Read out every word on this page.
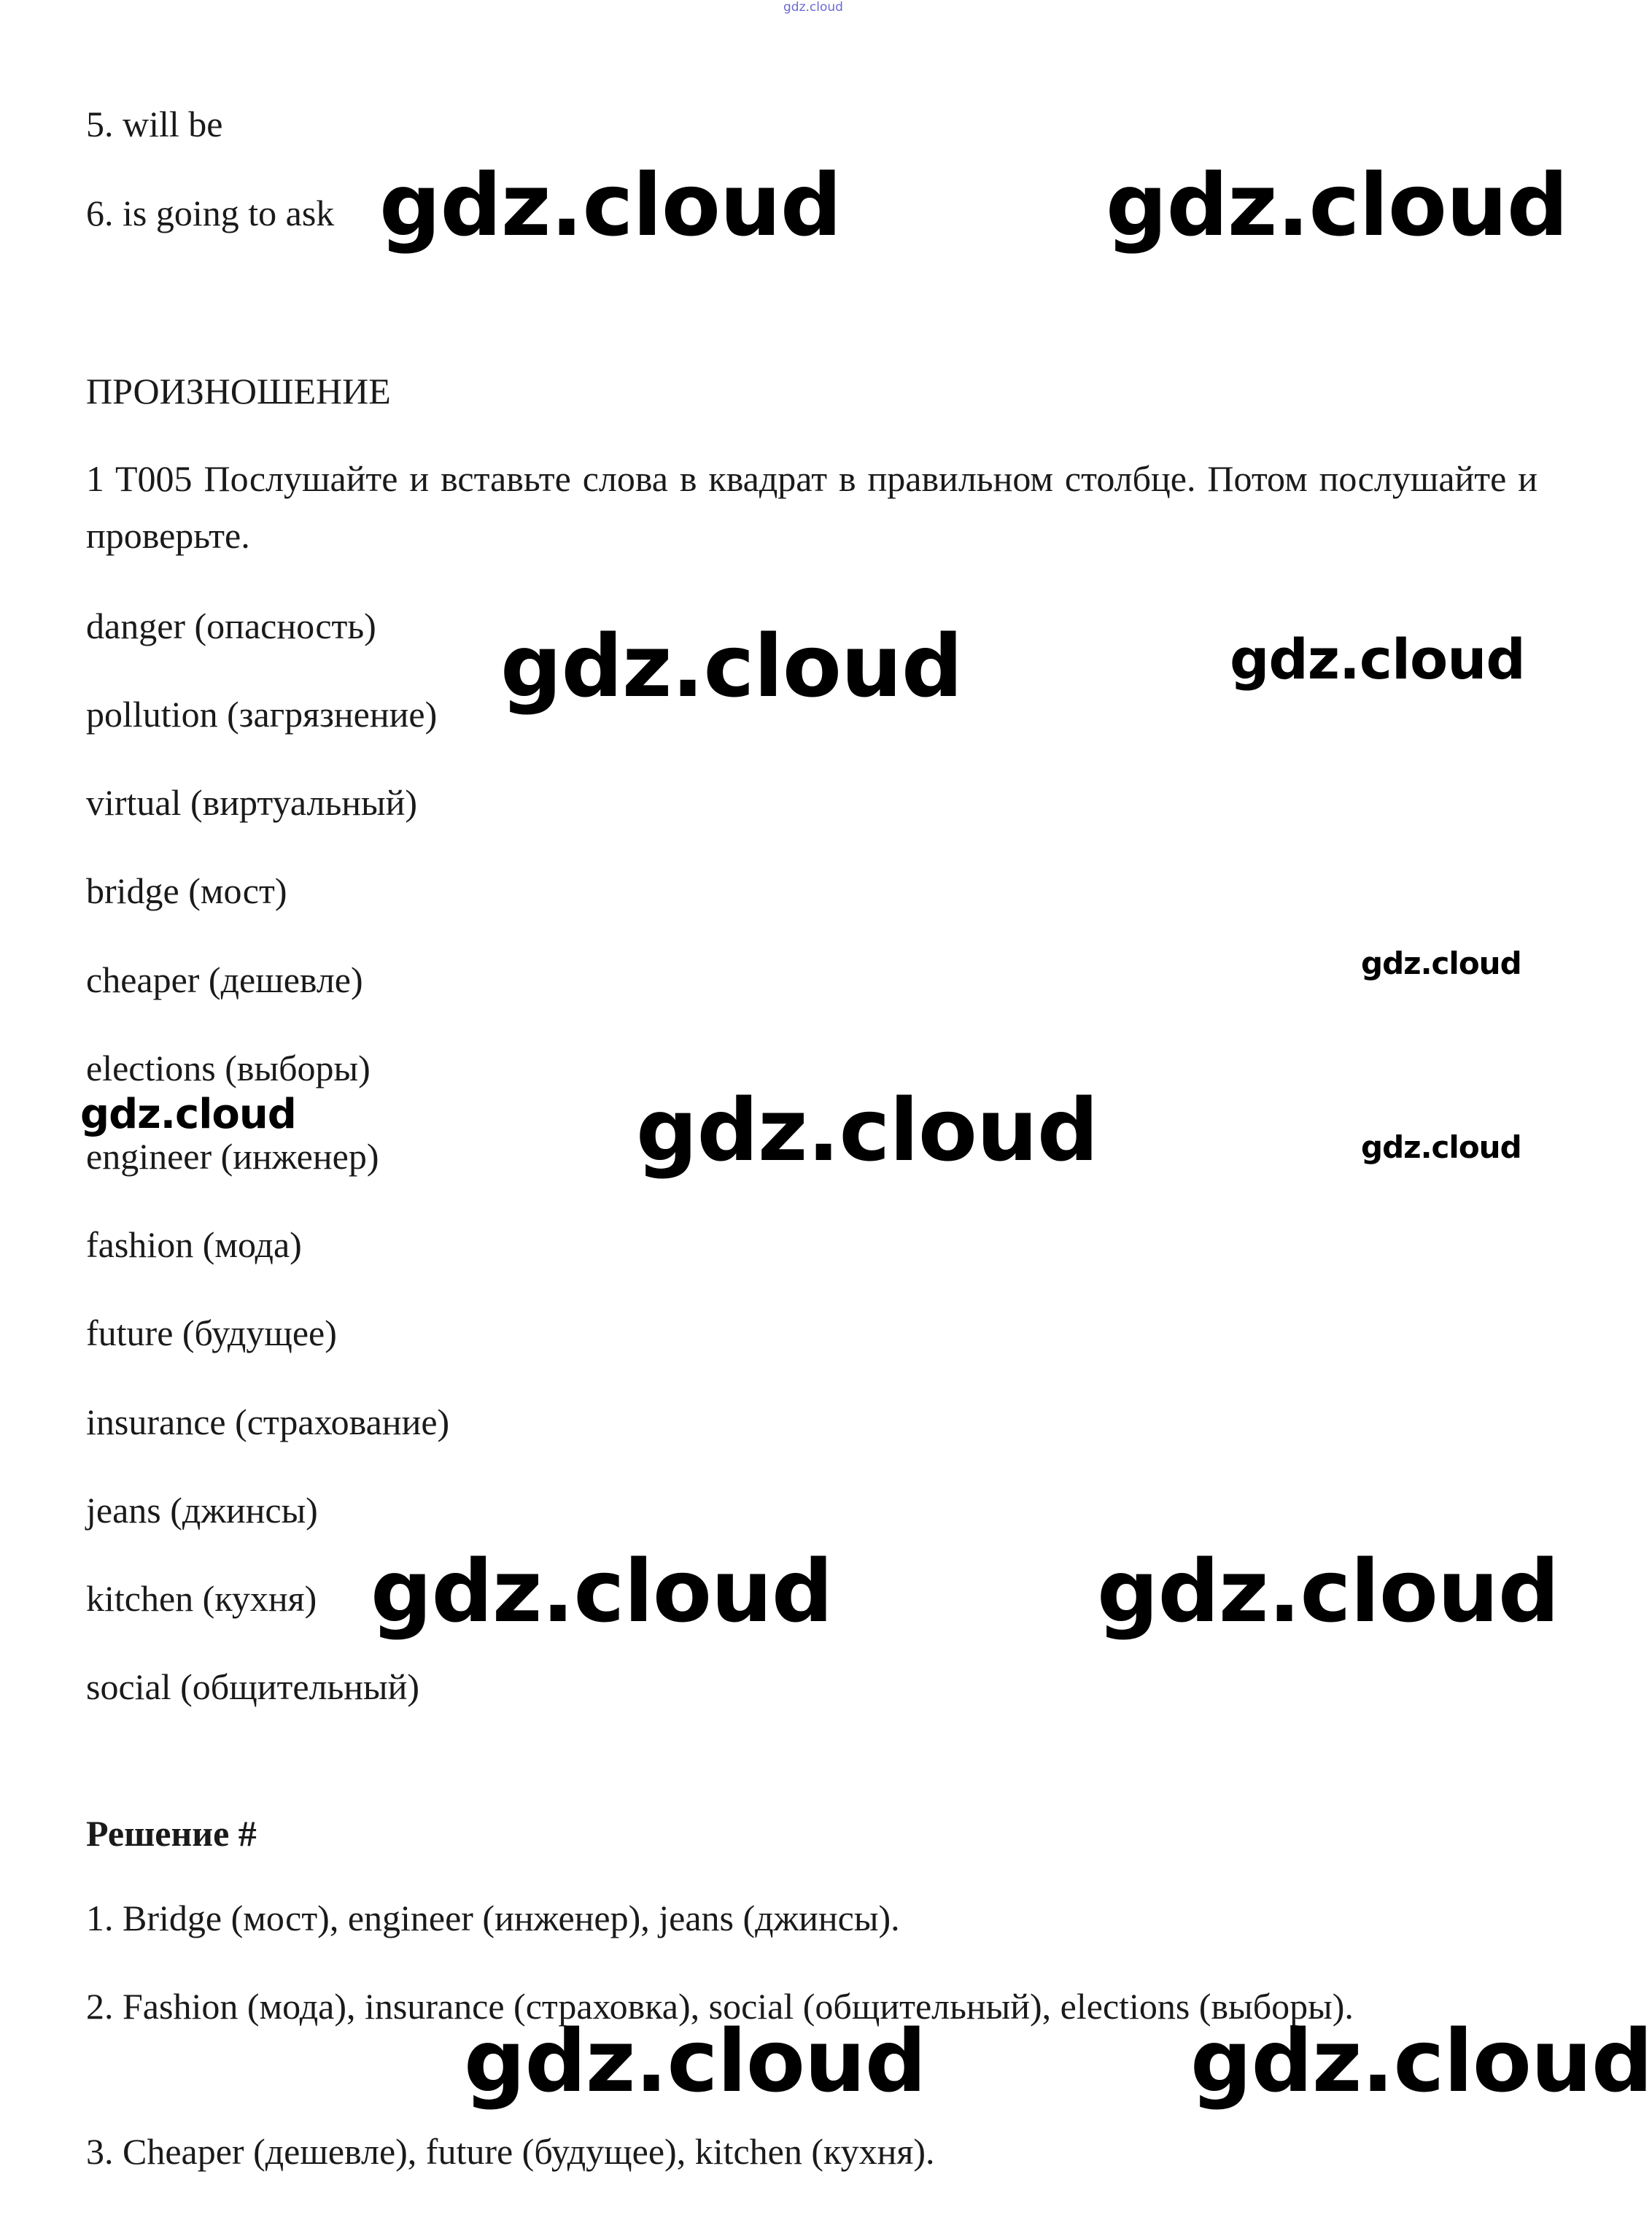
gdz.cloud
5. will be
6. is going to ask
ПРОИЗНОШЕНИЕ
1 T005 Послушайте и вставьте слова в квадрат в правильном столбце. Потом послушайте и проверьте.
danger (опасность)
pollution (загрязнение)
virtual (виртуальный)
bridge (мост)
cheaper (дешевле)
elections (выборы)
engineer (инженер)
fashion (мода)
future (будущее)
insurance (страхование)
jeans (джинсы)
kitchen (кухня)
social (общительный)
Решение #
1. Bridge (мост), engineer (инженер), jeans (джинсы).
2. Fashion (мода), insurance (страховка), social (общительный), elections (выборы).
3. Cheaper (дешевле), future (будущее), kitchen (кухня).
gdz.cloud	gdz.cloud
gdz.cloud	gdz.cloud
gdz.cloud
gdz.cloud	gdz.cloud	gdz.cloud
gdz.cloud	gdz.cloud
gdz.cloud	gdz.cloud
